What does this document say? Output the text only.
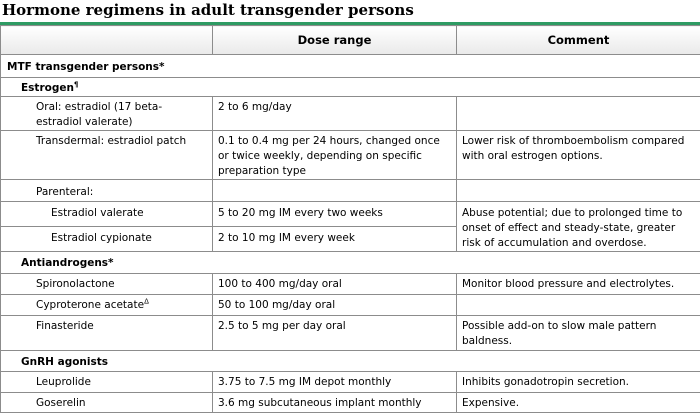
Hormone regimens in adult transgender persons
	Dose range	Comment
MTF transgender persons*		
Estrogen¶
Oral: estradiol (17 beta-estradiol valerate)	2 to 6 mg/day	
Transdermal: estradiol patch	0.1 to 0.4 mg per 24 hours, changed once or twice weekly, depending on specific preparation type	Lower risk of thromboembolism compared with oral estrogen options.
Parenteral:		
Estradiol valerate	5 to 20 mg IM every two weeks	Abuse potential; due to prolonged time to onset of effect and steady-state, greater risk of accumulation and overdose.
Estradiol cypionate	2 to 10 mg IM every week	
Antiandrogens*		
Spironolactone	100 to 400 mg/day oral	Monitor blood pressure and electrolytes.
Cyproterone acetate$^\Delta$	50 to 100 mg/day oral	
Finasteride	2.5 to 5 mg per day oral	Possible add-on to slow male pattern baldness.
GnRH agonists		
Leuprolide	3.75 to 7.5 mg IM depot monthly	Inhibits gonadotropin secretion.
Goserelin	3.6 mg subcutaneous implant monthly	Expensive.
